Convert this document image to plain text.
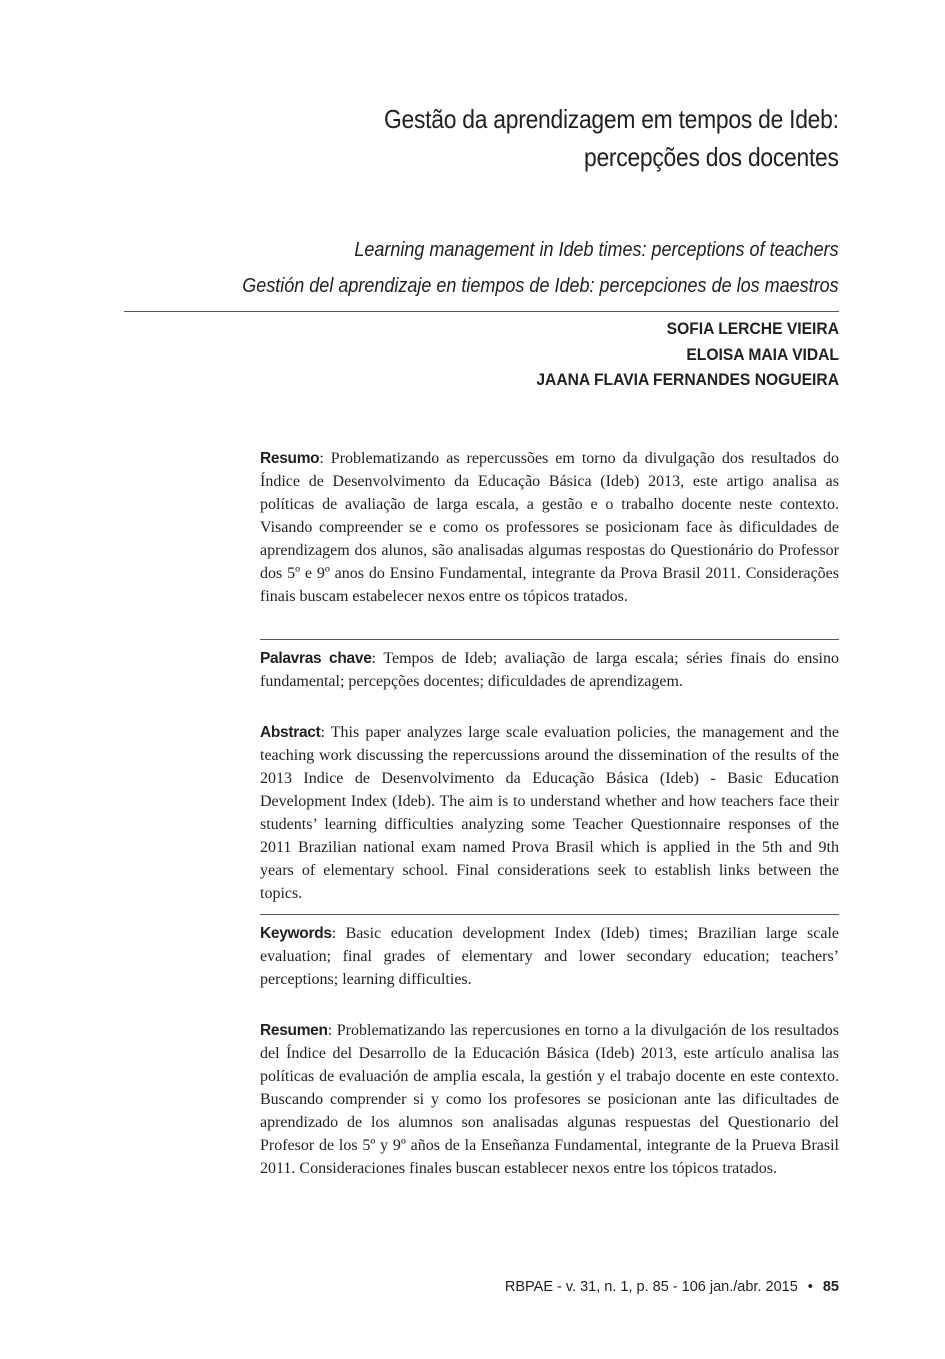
Gestão da aprendizagem em tempos de Ideb:
percepções dos docentes
Learning management in Ideb times: perceptions of teachers
Gestión del aprendizaje en tiempos de Ideb: percepciones de los maestros
SOFIA LERCHE VIEIRA
ELOISA MAIA VIDAL
JAANA FLAVIA FERNANDES NOGUEIRA
Resumo: Problematizando as repercussões em torno da divulgação dos resultados do Índice de Desenvolvimento da Educação Básica (Ideb) 2013, este artigo analisa as políticas de avaliação de larga escala, a gestão e o trabalho docente neste contexto. Visando compreender se e como os professores se posicionam face às dificuldades de aprendizagem dos alunos, são analisadas algumas respostas do Questionário do Professor dos 5º e 9º anos do Ensino Fundamental, integrante da Prova Brasil 2011. Considerações finais buscam estabelecer nexos entre os tópicos tratados.
Palavras chave: Tempos de Ideb; avaliação de larga escala; séries finais do ensino fundamental; percepções docentes; dificuldades de aprendizagem.
Abstract: This paper analyzes large scale evaluation policies, the management and the teaching work discussing the repercussions around the dissemination of the results of the 2013 Indice de Desenvolvimento da Educação Básica (Ideb) - Basic Education Development Index (Ideb). The aim is to understand whether and how teachers face their students’ learning difficulties analyzing some Teacher Questionnaire responses of the 2011 Brazilian national exam named Prova Brasil which is applied in the 5th and 9th years of elementary school. Final considerations seek to establish links between the topics.
Keywords: Basic education development Index (Ideb) times; Brazilian large scale evaluation; final grades of elementary and lower secondary education; teachers’ perceptions; learning difficulties.
Resumen: Problematizando las repercusiones en torno a la divulgación de los resultados del Índice del Desarrollo de la Educación Básica (Ideb) 2013, este artículo analisa las políticas de evaluación de amplia escala, la gestión y el trabajo docente en este contexto. Buscando comprender si y como los profesores se posicionan ante las dificultades de aprendizado de los alumnos son analisadas algunas respuestas del Questionario del Profesor de los 5º y 9º años de la Enseñanza Fundamental, integrante de la Prueva Brasil 2011. Consideraciones finales buscan establecer nexos entre los tópicos tratados.
RBPAE - v. 31, n. 1, p. 85 - 106 jan./abr. 2015 • 85
